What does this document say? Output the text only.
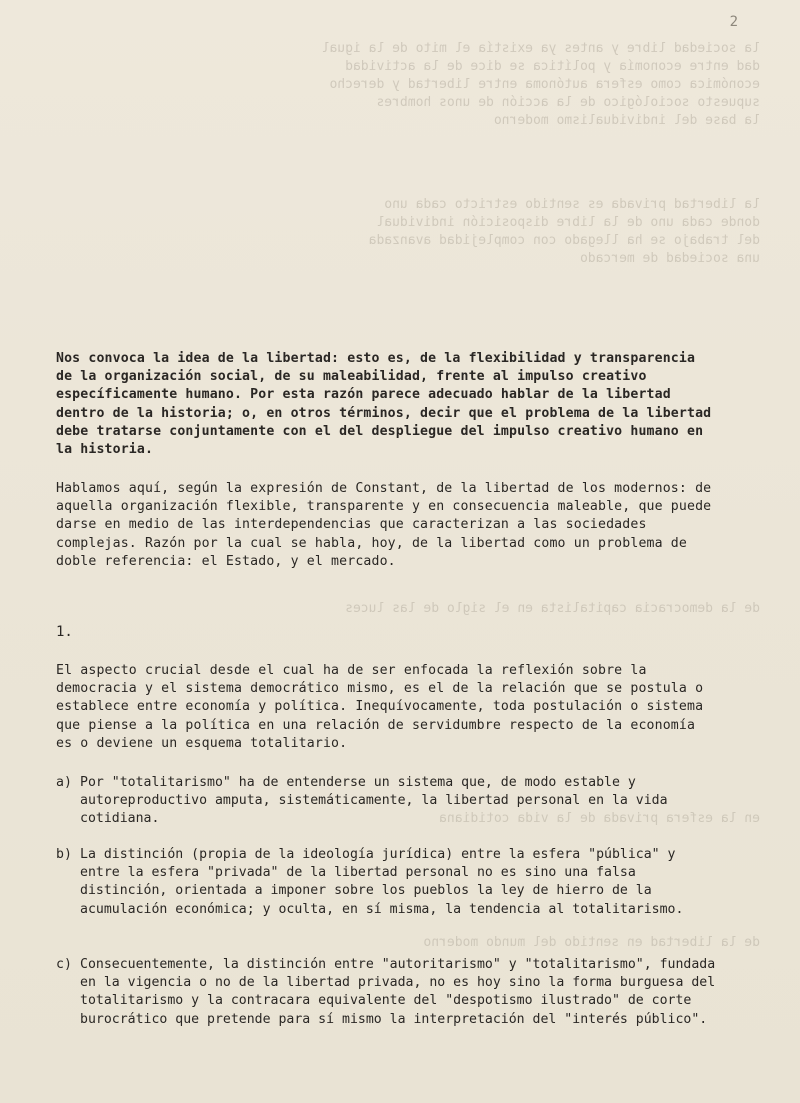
la sociedad libre y antes ya existía el mito de la igual
dad entre economía y política se dice de la actividad
económica como esfera autónoma entre libertad y derecho
supuesto sociológico de la acción de unos hombres
la base del individualismo moderno
la libertad privada es sentido estricto cada uno
donde cada uno de la libre disposición individual
del trabajo se ha llegado con complejidad avanzada
una sociedad de mercado
de la democracia capitalista en el siglo de las luces
en la esfera privada de la vida cotidiana
de la libertad en sentido del mundo moderno
2
Nos convoca la idea de la libertad: esto es, de la flexibilidad y transparencia de la organización social, de su maleabilidad, frente al impulso creativo específicamente humano. Por esta razón parece adecuado hablar de la libertad dentro de la historia; o, en otros términos, decir que el problema de la libertad debe tratarse conjuntamente con el del despliegue del impulso creativo humano en la historia.
Hablamos aquí, según la expresión de Constant, de la libertad de los modernos: de aquella organización flexible, transparente y en consecuencia maleable, que puede darse en medio de las interdependencias que caracterizan a las sociedades complejas. Razón por la cual se habla, hoy, de la libertad como un problema de doble referencia: el Estado, y el mercado.
1.
El aspecto crucial desde el cual ha de ser enfocada la reflexión sobre la democracia y el sistema democrático mismo, es el de la relación que se postula o establece entre economía y política. Inequívocamente, toda postulación o sistema que piense a la política en una relación de servidumbre respecto de la economía es o deviene un esquema totalitario.
a) Por "totalitarismo" ha de entenderse un sistema que, de modo estable y autoreproductivo amputa, sistemáticamente, la libertad personal en la vida cotidiana.
b) La distinción (propia de la ideología jurídica) entre la esfera "pública" y entre la esfera "privada" de la libertad personal no es sino una falsa distinción, orientada a imponer sobre los pueblos la ley de hierro de la acumulación económica; y oculta, en sí misma, la tendencia al totalitarismo.
c) Consecuentemente, la distinción entre "autoritarismo" y "totalitarismo", fundada en la vigencia o no de la libertad privada, no es hoy sino la forma burguesa del totalitarismo y la contracara equivalente del "despotismo ilustrado" de corte burocrático que pretende para sí mismo la interpretación del "interés público".
